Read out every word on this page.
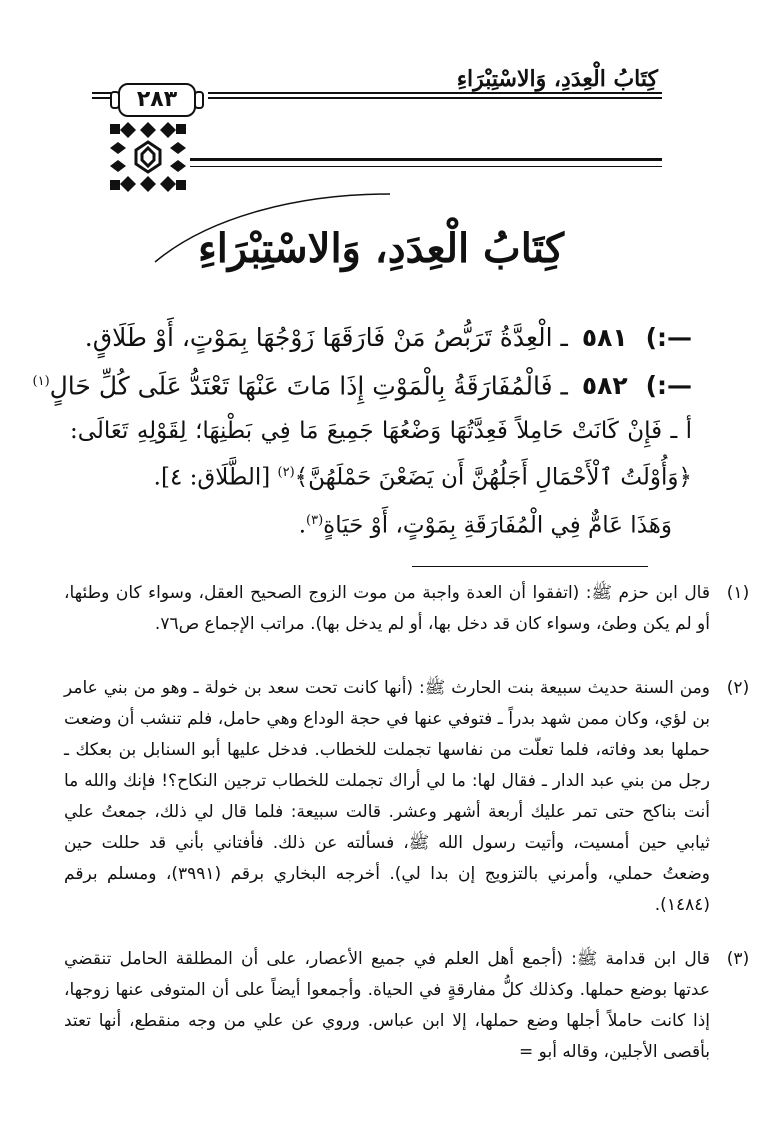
كِتَابُ الْعِدَدِ، وَالاسْتِبْرَاءِ
٢٨٣
كِتَابُ الْعِدَدِ، وَالاسْتِبْرَاءِ
—:) ٥٨١ ـ الْعِدَّةُ تَرَبُّصُ مَنْ فَارَقَهَا زَوْجُهَا بِمَوْتٍ، أَوْ طَلَاقٍ.
—:) ٥٨٢ ـ فَالْمُفَارَقَةُ بِالْمَوْتِ إِذَا مَاتَ عَنْهَا تَعْتَدُّ عَلَى كُلِّ حَالٍ$^{(١)}$
أ ـ فَإِنْ كَانَتْ حَامِلاً فَعِدَّتُهَا وَضْعُهَا جَمِيعَ مَا فِي بَطْنِهَا؛ لِقَوْلِهِ تَعَالَى: ﴿وَأُوْلَتُ ٱلْأَحْمَالِ أَجَلُهُنَّ أَن يَضَعْنَ حَمْلَهُنَّ﴾$^{(٢)}$ [الطَّلَاق: ٤].
وَهَذَا عَامٌّ فِي الْمُفَارَقَةِ بِمَوْتٍ، أَوْ حَيَاةٍ$^{(٣)}$.
(١)
قال ابن حزم ﷺ: (اتفقوا أن العدة واجبة من موت الزوج الصحيح العقل، وسواء كان وطئها، أو لم يكن وطئ، وسواء كان قد دخل بها، أو لم يدخل بها). مراتب الإجماع ص٧٦.
(٢)
ومن السنة حديث سبيعة بنت الحارث ﷺ: (أنها كانت تحت سعد بن خولة ـ وهو من بني عامر بن لؤي، وكان ممن شهد بدراً ـ فتوفي عنها في حجة الوداع وهي حامل، فلم تنشب أن وضعت حملها بعد وفاته، فلما تعلّت من نفاسها تجملت للخطاب. فدخل عليها أبو السنابل بن بعكك ـ رجل من بني عبد الدار ـ فقال لها: ما لي أراك تجملت للخطاب ترجين النكاح؟! فإنك والله ما أنت بناكح حتى تمر عليك أربعة أشهر وعشر. قالت سبيعة: فلما قال لي ذلك، جمعتُ علي ثيابي حين أمسيت، وأتيت رسول الله ﷺ، فسألته عن ذلك. فأفتاني بأني قد حللت حين وضعتُ حملي، وأمرني بالتزويج إن بدا لي). أخرجه البخاري برقم (٣٩٩١)، ومسلم برقم (١٤٨٤).
(٣)
قال ابن قدامة ﷺ: (أجمع أهل العلم في جميع الأعصار، على أن المطلقة الحامل تنقضي عدتها بوضع حملها. وكذلك كلُّ مفارقةٍ في الحياة. وأجمعوا أيضاً على أن المتوفى عنها زوجها، إذا كانت حاملاً أجلها وضع حملها، إلا ابن عباس. وروي عن علي من وجه منقطع، أنها تعتد بأقصى الأجلين، وقاله أبو =
